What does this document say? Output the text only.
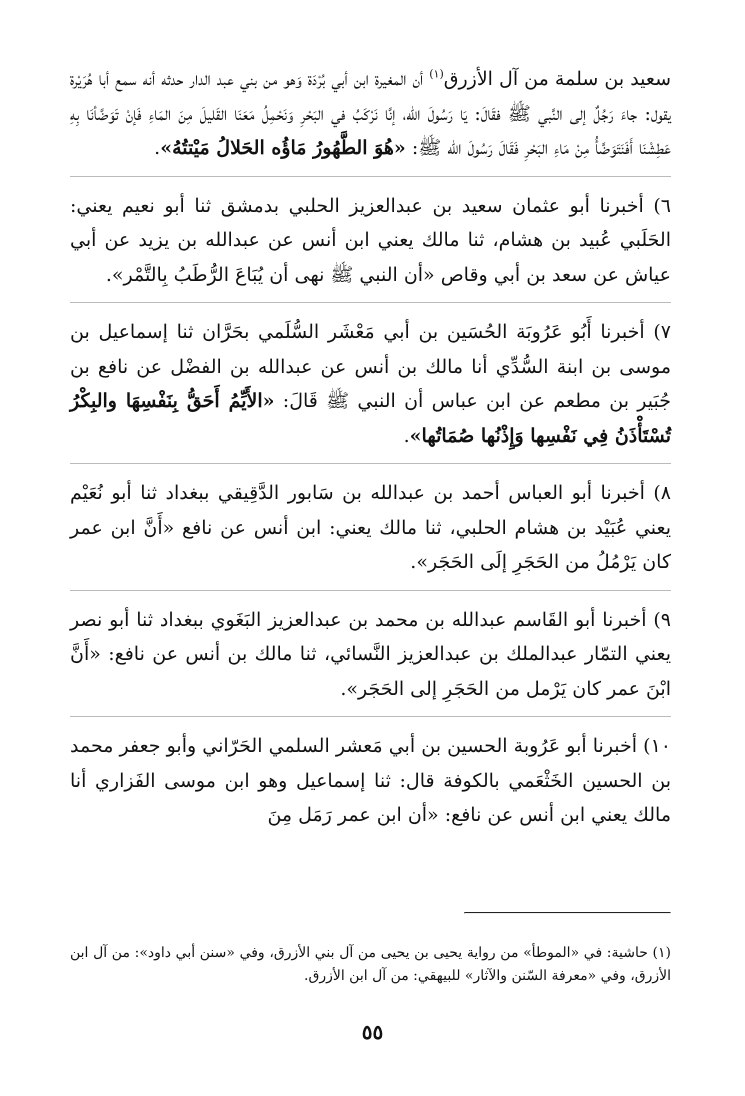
سعيد بن سلمة من آل الأزرق$^{(١)}$ أن المغيرة ابن أبي بُرْدَة وَهو من بني عبد الدار حدثه أنه سمع أبا هُرَيْرة يقول: جاءَ رَجُلٌ إلى النَّبي ﷺ فقَالَ: يَا رَسُولَ الله، إنَّا نَرْكَبُ في البَحْرِ وَنَحْمِلُ مَعَنَا القَليلَ مِنَ المَاءِ فَإنْ تَوَضَّأنَا بِهِ عَطِشْنَا أَفَنَتَوَضَّأُ مِنْ مَاءِ البَحْرِ فَقَالَ رَسُولَ الله ﷺ: «هُوَ الطَّهُورُ مَاؤُه الحَلالُ مَيْتتُهُ».

٦) أخبرنا أبو عثمان سعيد بن عبدالعزيز الحلبي بدمشق ثنا أبو نعيم يعني: الحَلَبي عُبيد بن هشام، ثنا مالك يعني ابن أنس عن عبدالله بن يزيد عن أبي عياش عن سعد بن أبي وقاص «أن النبي ﷺ نهى أن يُبَاعَ الرُّطَبُ بِالتَّمْر».

٧) أخبرنا أَبُو عَرُوبَة الحُسَين بن أبي مَعْشَر السُّلَمي بحَرَّان ثنا إسماعيل بن موسى بن ابنة السُّدِّي أنا مالك بن أنس عن عبدالله بن الفضْل عن نافع بن جُبَير بن مطعم عن ابن عباس أن النبي ﷺ قَالَ: «الأَيِّمُ أَحَقُّ بِنَفْسِهَا والبِكْرُ تُسْتَأْذَنُ فِي نَفْسِها وَإِذْنُها صُمَاتُها».

٨) أخبرنا أبو العباس أحمد بن عبدالله بن سَابور الدَّقِيقي ببغداد ثنا أبو نُعَيْم يعني عُبَيْد بن هشام الحلبي، ثنا مالك يعني: ابن أنس عن نافع «أَنَّ ابن عمر كان يَرْمُلُ من الحَجَرِ إلَى الحَجَر».

٩) أخبرنا أبو القَاسم عبدالله بن محمد بن عبدالعزيز البَغَوي ببغداد ثنا أبو نصر يعني التمّار عبدالملك بن عبدالعزيز النَّسائي، ثنا مالك بن أنس عن نافع: «أَنَّ ابْنَ عمر كان يَرْمل من الحَجَرِ إلى الحَجَر».

١٠) أخبرنا أبو عَرُوبة الحسين بن أبي مَعشر السلمي الحَرّاني وأبو جعفر محمد بن الحسين الخَثْعَمي بالكوفة قال: ثنا إسماعيل وهو ابن موسى الفَزاري أنا مالك يعني ابن أنس عن نافع: «أن ابن عمر رَمَل مِنَ

(١) حاشية: في «الموطأ» من رواية يحيى بن يحيى من آل بني الأزرق، وفي «سنن أبي داود»: من آل ابن الأزرق، وفي «معرفة السّنن والآثار» للبيهقي: من آل ابن الأزرق.

٥٥
